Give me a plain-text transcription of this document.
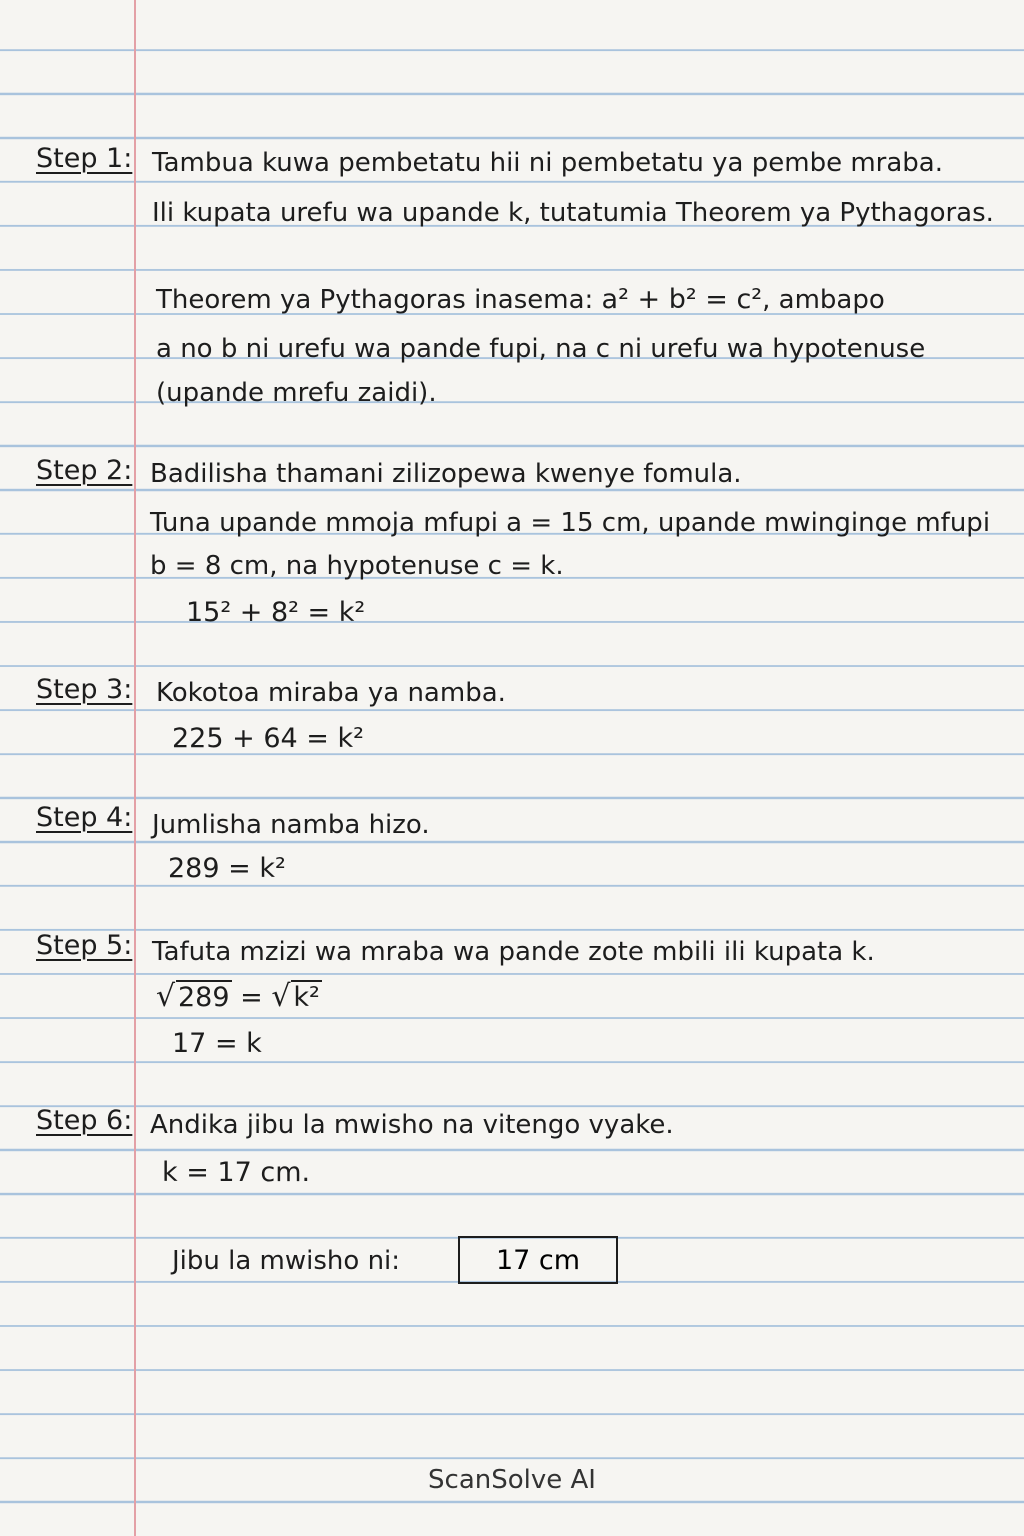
Step 1: Tambua kuwa pembetatu hii ni pembetatu ya pembe mraba.
Ili kupata urefu wa upande k, tutatumia Theorem ya Pythagoras.
Theorem ya Pythagoras inasema: a² + b² = c², ambapo
a no b ni urefu wa pande fupi, na c ni urefu wa hypotenuse
(upande mrefu zaidi).
Step 2: Badilisha thamani zilizopewa kwenye fomula.
Tuna upande mmoja mfupi a = 15 cm, upande mwinginge mfupi
b = 8 cm, na hypotenuse c = k.
15² + 8² = k²
Step 3: Kokotoa miraba ya namba.
225 + 64 = k²
Step 4: Jumlisha namba hizo.
289 = k²
Step 5: Tafuta mzizi wa mraba wa pande zote mbili ili kupata k.
√ 289 = √ k²
17 = k
Step 6: Andika jibu la mwisho na vitengo vyake.
k = 17 cm.
Jibu la mwisho ni:	17 cm
ScanSolve AI
